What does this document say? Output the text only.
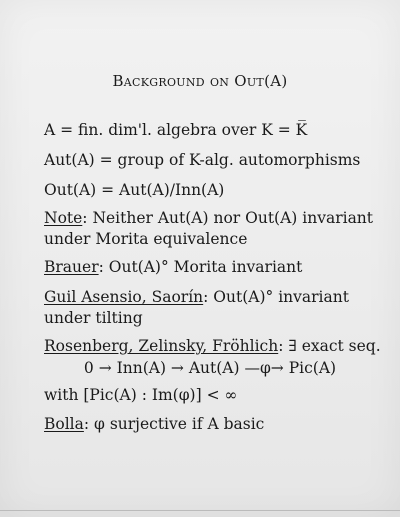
Background on Out(A)
A = fin. dim'l. algebra over K = K̅
Aut(A) = group of K-alg. automorphisms
Out(A) = Aut(A)/Inn(A)
Note: Neither Aut(A) nor Out(A) invariant
under Morita equivalence
Brauer: Out(A)° Morita invariant
Guil Asensio, Saorín: Out(A)° invariant
under tilting
Rosenberg, Zelinsky, Fröhlich: ∃ exact seq.
0 → Inn(A) → Aut(A) —φ→ Pic(A)
with [Pic(A) : Im(φ)] < ∞
Bolla: φ surjective if A basic
